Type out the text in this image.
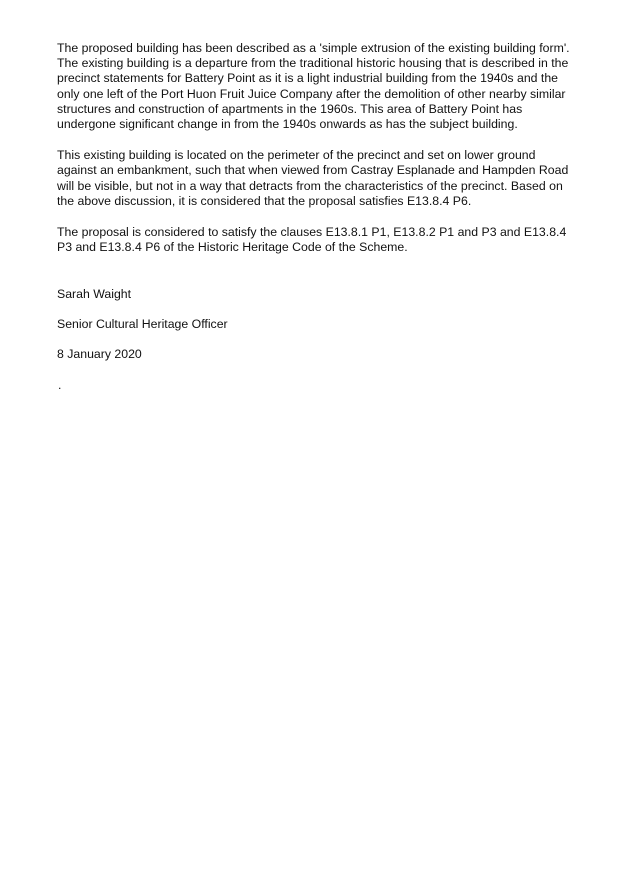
The proposed building has been described as a 'simple extrusion of the existing building form'.
The existing building is a departure from the traditional historic housing that is described in the
precinct statements for Battery Point as it is a light industrial building from the 1940s and the
only one left of the Port Huon Fruit Juice Company after the demolition of other nearby similar
structures and construction of apartments in the 1960s. This area of Battery Point has
undergone significant change in from the 1940s onwards as has the subject building.

This existing building is located on the perimeter of the precinct and set on lower ground
against an embankment, such that when viewed from Castray Esplanade and Hampden Road
will be visible, but not in a way that detracts from the characteristics of the precinct. Based on
the above discussion, it is considered that the proposal satisfies E13.8.4 P6.

The proposal is considered to satisfy the clauses E13.8.1 P1, E13.8.2 P1 and P3 and E13.8.4
P3 and E13.8.4 P6 of the Historic Heritage Code of the Scheme.

Sarah Waight

Senior Cultural Heritage Officer

8 January 2020

.
